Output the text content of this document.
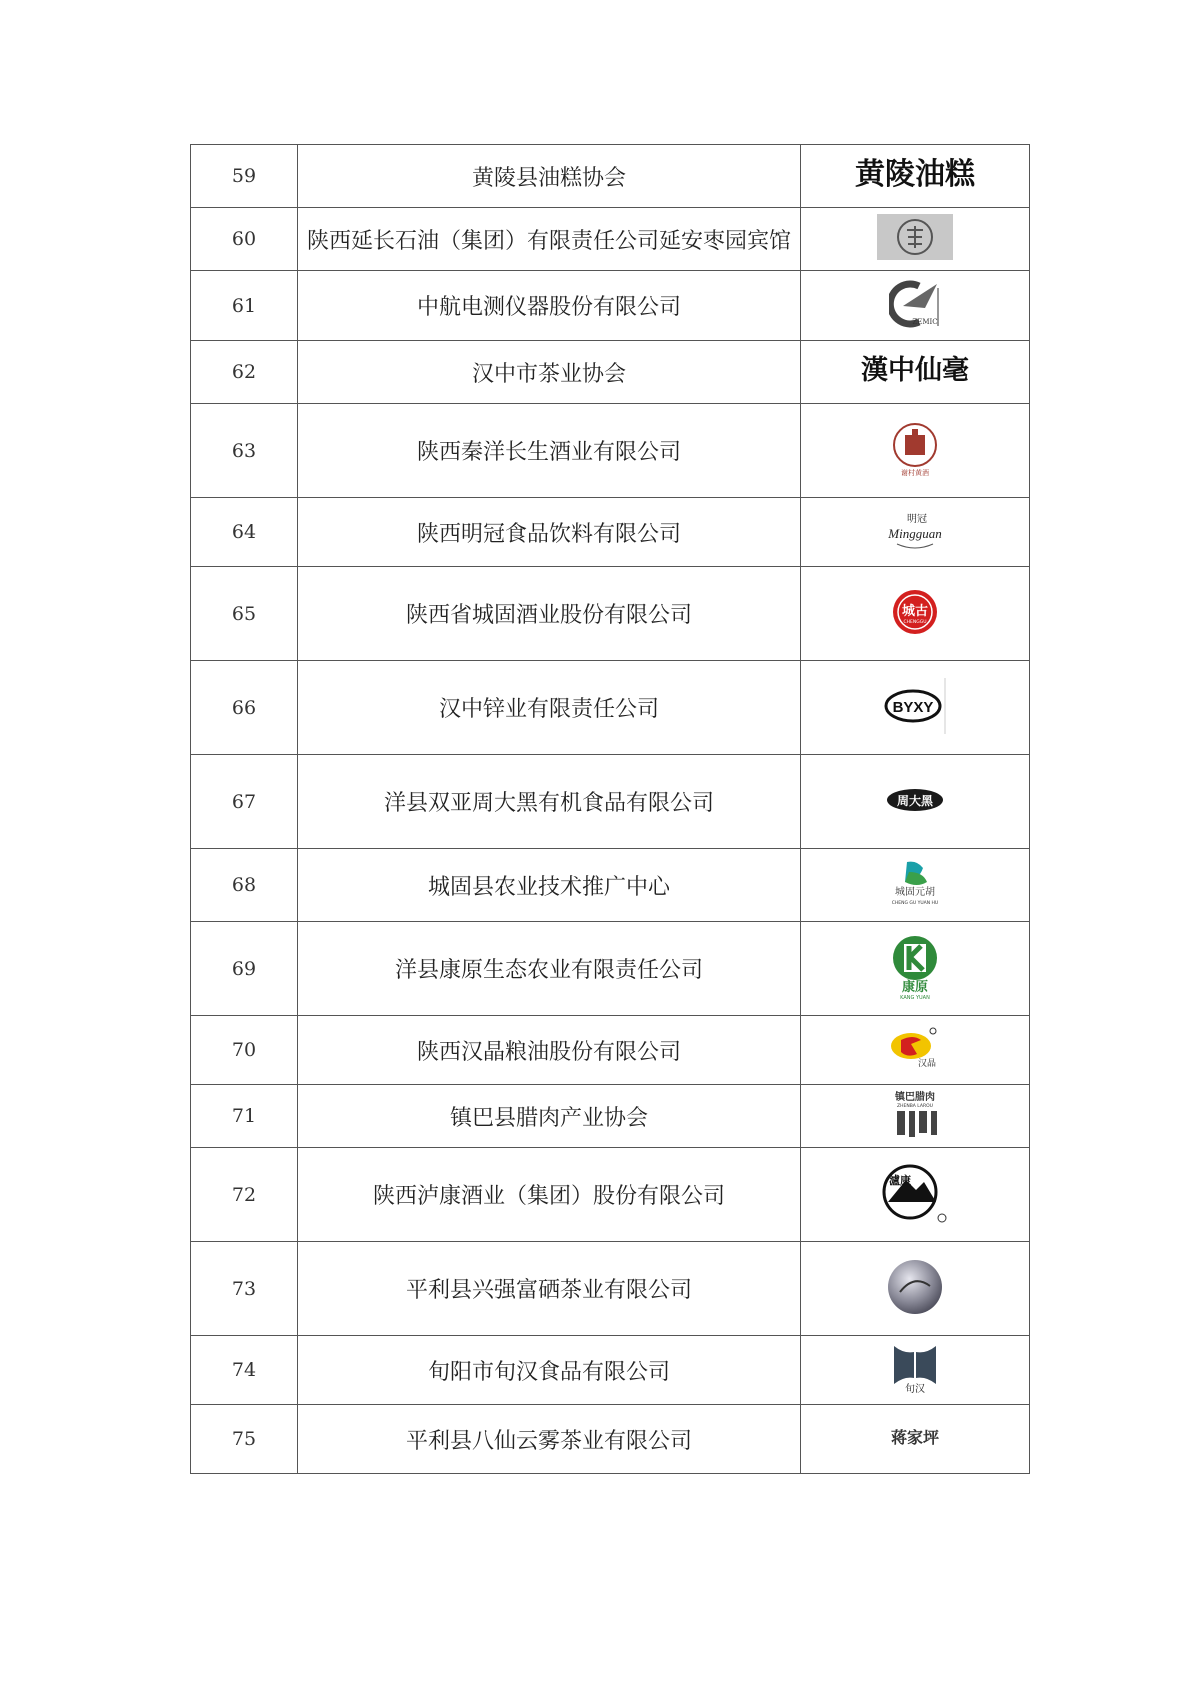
59	黄陵县油糕协会	黄陵油糕

60	陕西延长石油（集团）有限责任公司延安枣园宾馆	

61	中航电测仪器股份有限公司	ZEMIC

62	汉中市茶业协会	漢中仙毫

63	陕西秦洋长生酒业有限公司	谢村黄酒

64	陕西明冠食品饮料有限公司	明冠
Mingguan

65	陕西省城固酒业股份有限公司	城古
CHENGGU

66	汉中锌业有限责任公司	BYXY

67	洋县双亚周大黑有机食品有限公司	周大黑

68	城固县农业技术推广中心	城固元胡
CHENG GU YUAN HU

69	洋县康原生态农业有限责任公司	康原
KANG YUAN

70	陕西汉晶粮油股份有限公司	汉晶

71	镇巴县腊肉产业协会	镇巴腊肉
ZHENBA LAROU

72	陕西泸康酒业（集团）股份有限公司	瀘康

73	平利县兴强富硒茶业有限公司	

74	旬阳市旬汉食品有限公司	旬汉

75	平利县八仙云雾茶业有限公司	蒋家坪
